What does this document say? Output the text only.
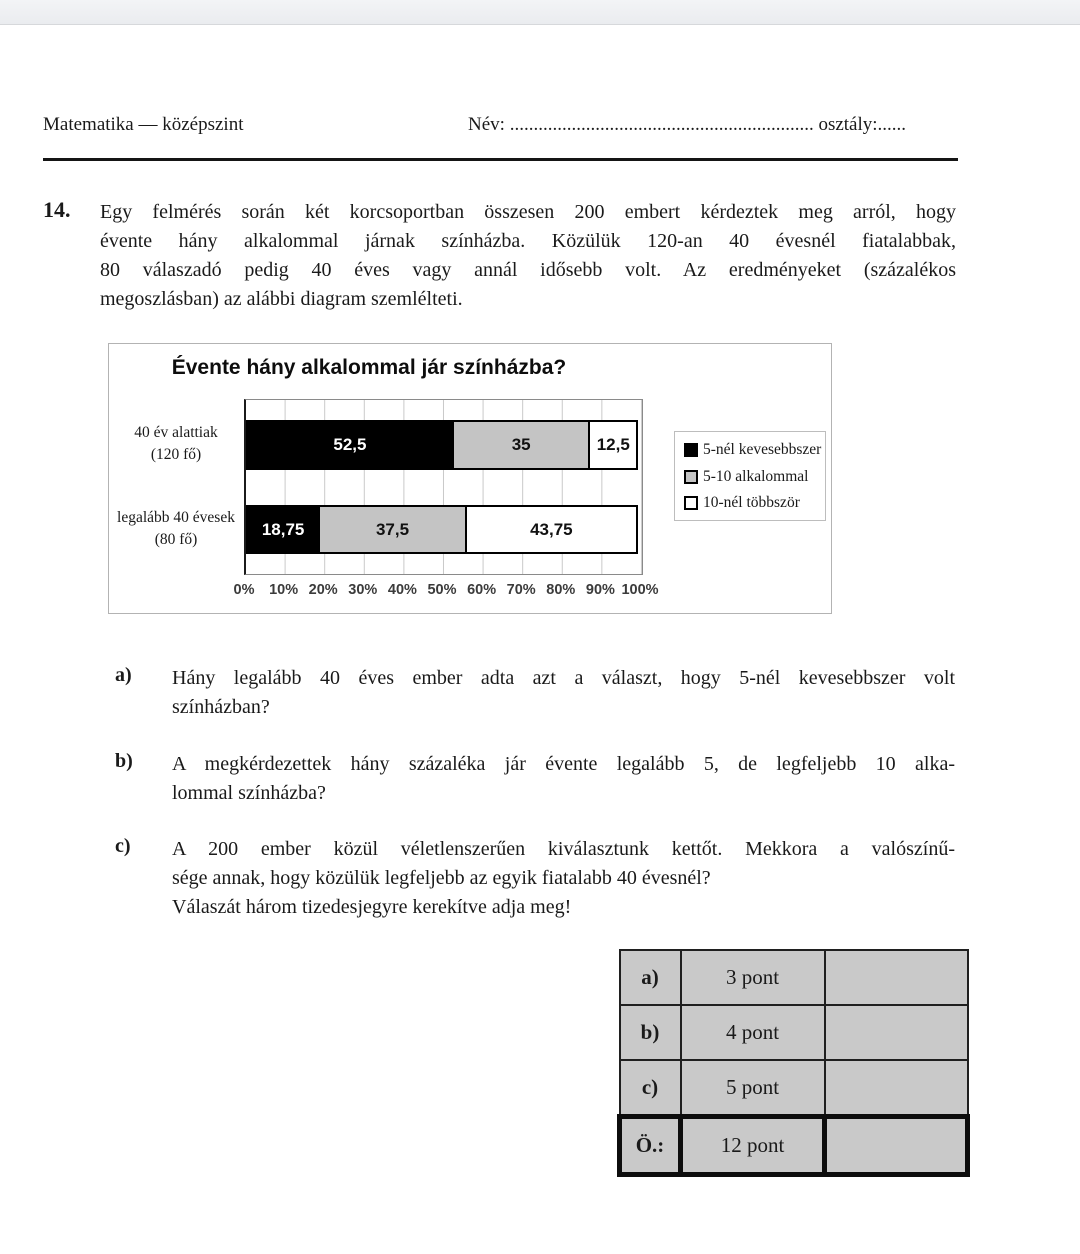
Matematika — középszint	Név: ................................................................ osztály:......
14. Egy felmérés során két korcsoportban összesen 200 embert kérdeztek meg arról, hogy
évente hány alkalommal járnak színházba. Közülük 120-an 40 évesnél fiatalabbak,
80 válaszadó pedig 40 éves vagy annál idősebb volt. Az eredményeket (százalékos
megoszlásban) az alábbi diagram szemlélteti.
Évente hány alkalommal jár színházba?
40 év alattiak
(120 fő)
legalább 40 évesek
(80 fő)
52,5	35	12,5
18,75	37,5	43,75
0%	10% 20% 30% 40% 50% 60% 70% 80% 90% 100%
5-nél kevesebbszer
5-10 alkalommal
10-nél többször
a) Hány legalább 40 éves ember adta azt a választ, hogy 5-nél kevesebbszer volt
színházban?
b) A megkérdezettek hány százaléka jár évente legalább 5, de legfeljebb 10 alka-
lommal színházba?
c) A 200 ember közül véletlenszerűen kiválasztunk kettőt. Mekkora a valószínű-
sége annak, hogy közülük legfeljebb az egyik fiatalabb 40 évesnél?
Válaszát három tizedesjegyre kerekítve adja meg!
a)	3 pont	
b)	4 pont	
c)	5 pont	
Ö.:	12 pont	
